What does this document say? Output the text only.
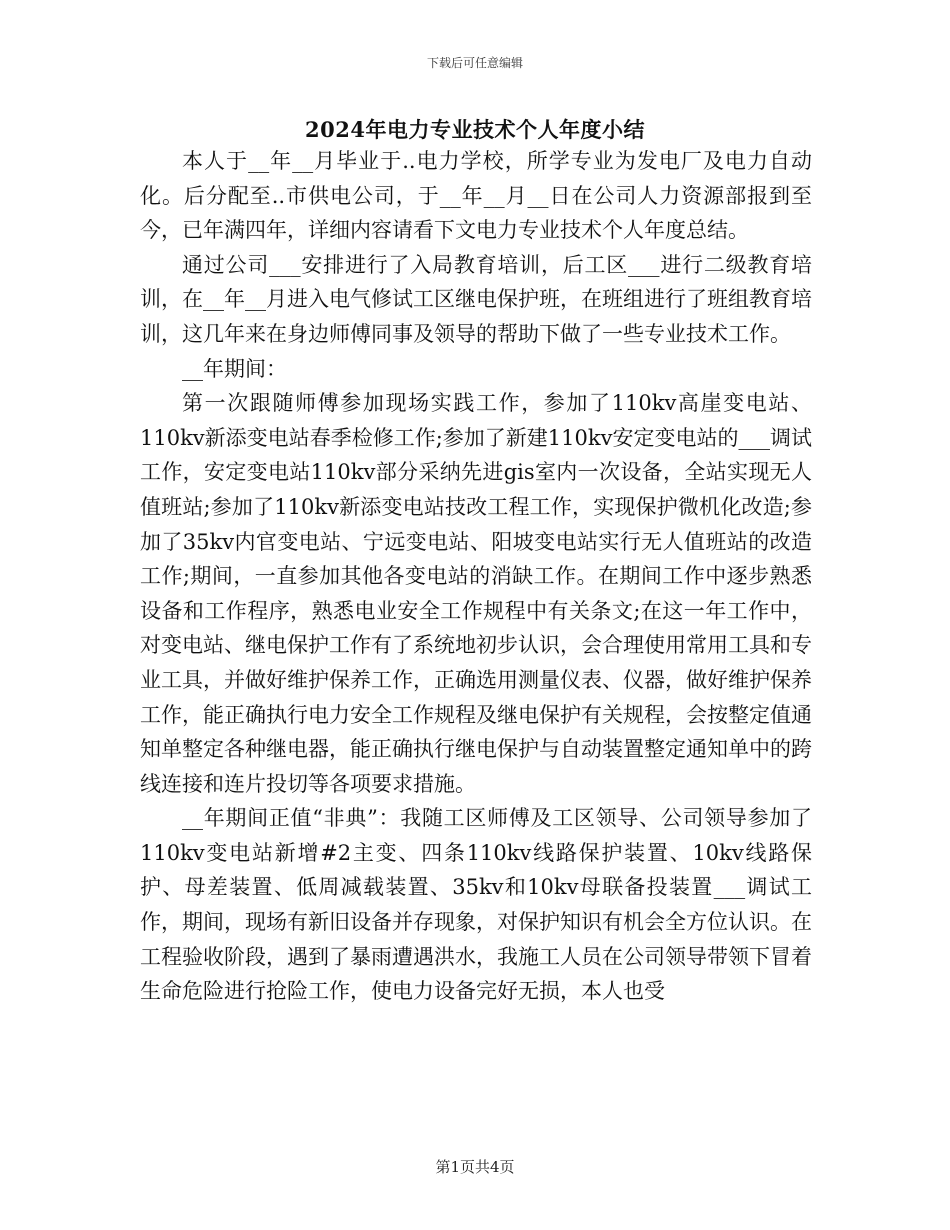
下载后可任意编辑
2024年电力专业技术个人年度小结

本人于__年__月毕业于..电力学校，所学专业为发电厂及电力自动化。后分配至..市供电公司，于__年__月__日在公司人力资源部报到至今，已年满四年，详细内容请看下文电力专业技术个人年度总结。

通过公司___安排进行了入局教育培训，后工区___进行二级教育培训，在__年__月进入电气修试工区继电保护班，在班组进行了班组教育培训，这几年来在身边师傅同事及领导的帮助下做了一些专业技术工作。

__年期间：

第一次跟随师傅参加现场实践工作，参加了110kv高崖变电站、110kv新添变电站春季检修工作;参加了新建110kv安定变电站的___调试工作，安定变电站110kv部分采纳先进gis室内一次设备，全站实现无人值班站;参加了110kv新添变电站技改工程工作，实现保护微机化改造;参加了35kv内官变电站、宁远变电站、阳坡变电站实行无人值班站的改造工作;期间，一直参加其他各变电站的消缺工作。在期间工作中逐步熟悉设备和工作程序，熟悉电业安全工作规程中有关条文;在这一年工作中，对变电站、继电保护工作有了系统地初步认识，会合理使用常用工具和专业工具，并做好维护保养工作，正确选用测量仪表、仪器，做好维护保养工作，能正确执行电力安全工作规程及继电保护有关规程，会按整定值通知单整定各种继电器，能正确执行继电保护与自动装置整定通知单中的跨线连接和连片投切等各项要求措施。

__年期间正值“非典”：我随工区师傅及工区领导、公司领导参加了110kv变电站新增#2主变、四条110kv线路保护装置、10kv线路保护、母差装置、低周减载装置、35kv和10kv母联备投装置___调试工作，期间，现场有新旧设备并存现象，对保护知识有机会全方位认识。在工程验收阶段，遇到了暴雨遭遇洪水，我施工人员在公司领导带领下冒着生命危险进行抢险工作，使电力设备完好无损，本人也受

第1页共4页
